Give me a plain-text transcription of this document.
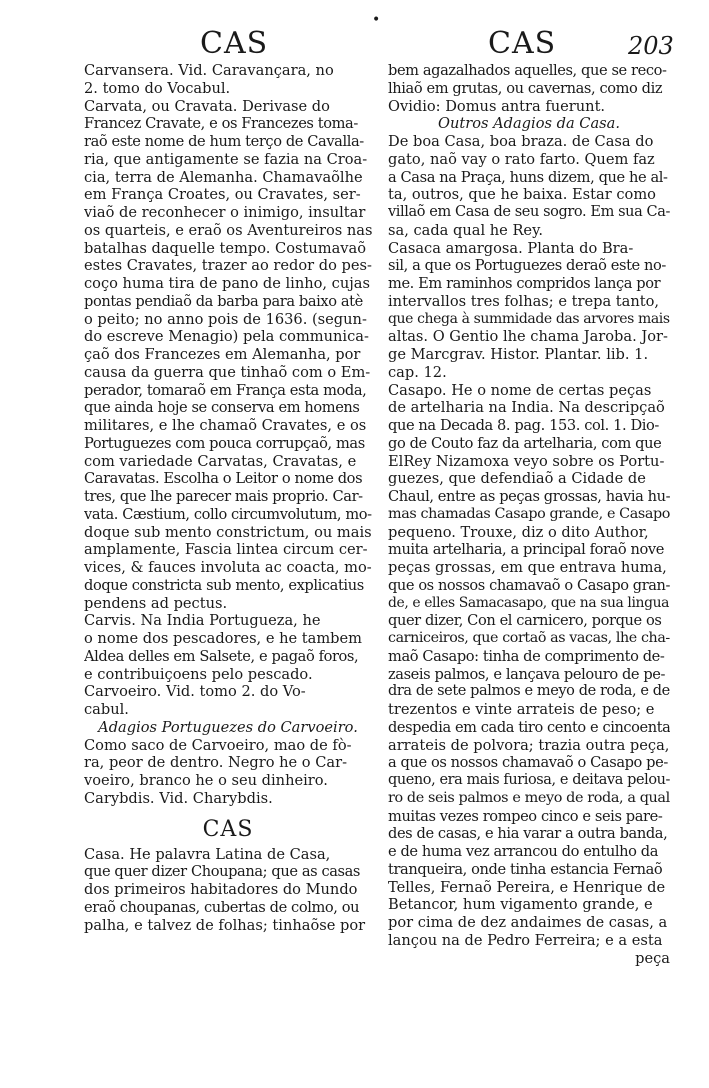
•
CAS	CAS	203
Carvansera. Vid. Caravançara, no
2. tomo do Vocabul.
Carvata, ou Cravata. Derivase do
Francez Cravate, e os Francezes toma-
raõ este nome de hum terço de Cavalla-
ria, que antigamente se fazia na Croa-
cia, terra de Alemanha. Chamavaõlhe
em França Croates, ou Cravates, ser-
viaõ de reconhecer o inimigo, insultar
os quarteis, e eraõ os Aventureiros nas
batalhas daquelle tempo. Costumavaõ
estes Cravates, trazer ao redor do pes-
coço huma tira de pano de linho, cujas
pontas pendiaõ da barba para baixo atè
o peito; no anno pois de 1636. (segun-
do escreve Menagio) pela communica-
çaõ dos Francezes em Alemanha, por
causa da guerra que tinhaõ com o Em-
perador, tomaraõ em França esta moda,
que ainda hoje se conserva em homens
militares, e lhe chamaõ Cravates, e os
Portuguezes com pouca corrupçaõ, mas
com variedade Carvatas, Cravatas, e
Caravatas. Escolha o Leitor o nome dos
tres, que lhe parecer mais proprio. Car-
vata. Cæstium, collo circumvolutum, mo-
doque sub mento constrictum, ou mais
amplamente, Fascia lintea circum cer-
vices, & fauces involuta ac coacta, mo-
doque constricta sub mento, explicatius
pendens ad pectus.
Carvis. Na India Portugueza, he
o nome dos pescadores, e he tambem
Aldea delles em Salsete, e pagaõ foros,
e contribuiçoens pelo pescado.
Carvoeiro. Vid. tomo 2. do Vo-
cabul.
Adagios Portuguezes do Carvoeiro.
Como saco de Carvoeiro, mao de fò-
ra, peor de dentro. Negro he o Car-
voeiro, branco he o seu dinheiro.
Carybdis. Vid. Charybdis.
CAS
Casa. He palavra Latina de Casa,
que quer dizer Choupana; que as casas
dos primeiros habitadores do Mundo
eraõ choupanas, cubertas de colmo, ou
palha, e talvez de folhas; tinhaõse por
bem agazalhados aquelles, que se reco-
lhiaõ em grutas, ou cavernas, como diz
Ovidio: Domus antra fuerunt.
Outros Adagios da Casa.
De boa Casa, boa braza. de Casa do
gato, naõ vay o rato farto. Quem faz
a Casa na Praça, huns dizem, que he al-
ta, outros, que he baixa. Estar como
villaõ em Casa de seu sogro. Em sua Ca-
sa, cada qual he Rey.
Casaca amargosa. Planta do Bra-
sil, a que os Portuguezes deraõ este no-
me. Em raminhos compridos lança por
intervallos tres folhas; e trepa tanto,
que chega à summidade das arvores mais
altas. O Gentio lhe chama Jaroba. Jor-
ge Marcgrav. Histor. Plantar. lib. 1.
cap. 12.
Casapo. He o nome de certas peças
de artelharia na India. Na descripçaõ
que na Decada 8. pag. 153. col. 1. Dio-
go de Couto faz da artelharia, com que
ElRey Nizamoxa veyo sobre os Portu-
guezes, que defendiaõ a Cidade de
Chaul, entre as peças grossas, havia hu-
mas chamadas Casapo grande, e Casapo
pequeno. Trouxe, diz o dito Author,
muita artelharia, a principal foraõ nove
peças grossas, em que entrava huma,
que os nossos chamavaõ o Casapo gran-
de, e elles Samacasapo, que na sua lingua
quer dizer, Con el carnicero, porque os
carniceiros, que cortaõ as vacas, lhe cha-
maõ Casapo: tinha de comprimento de-
zaseis palmos, e lançava pelouro de pe-
dra de sete palmos e meyo de roda, e de
trezentos e vinte arrateis de peso; e
despedia em cada tiro cento e cincoenta
arrateis de polvora; trazia outra peça,
a que os nossos chamavaõ o Casapo pe-
queno, era mais furiosa, e deitava pelou-
ro de seis palmos e meyo de roda, a qual
muitas vezes rompeo cinco e seis pare-
des de casas, e hia varar a outra banda,
e de huma vez arrancou do entulho da
tranqueira, onde tinha estancia Fernaõ
Telles, Fernaõ Pereira, e Henrique de
Betancor, hum vigamento grande, e
por cima de dez andaimes de casas, a
lançou na de Pedro Ferreira; e a esta
peça
